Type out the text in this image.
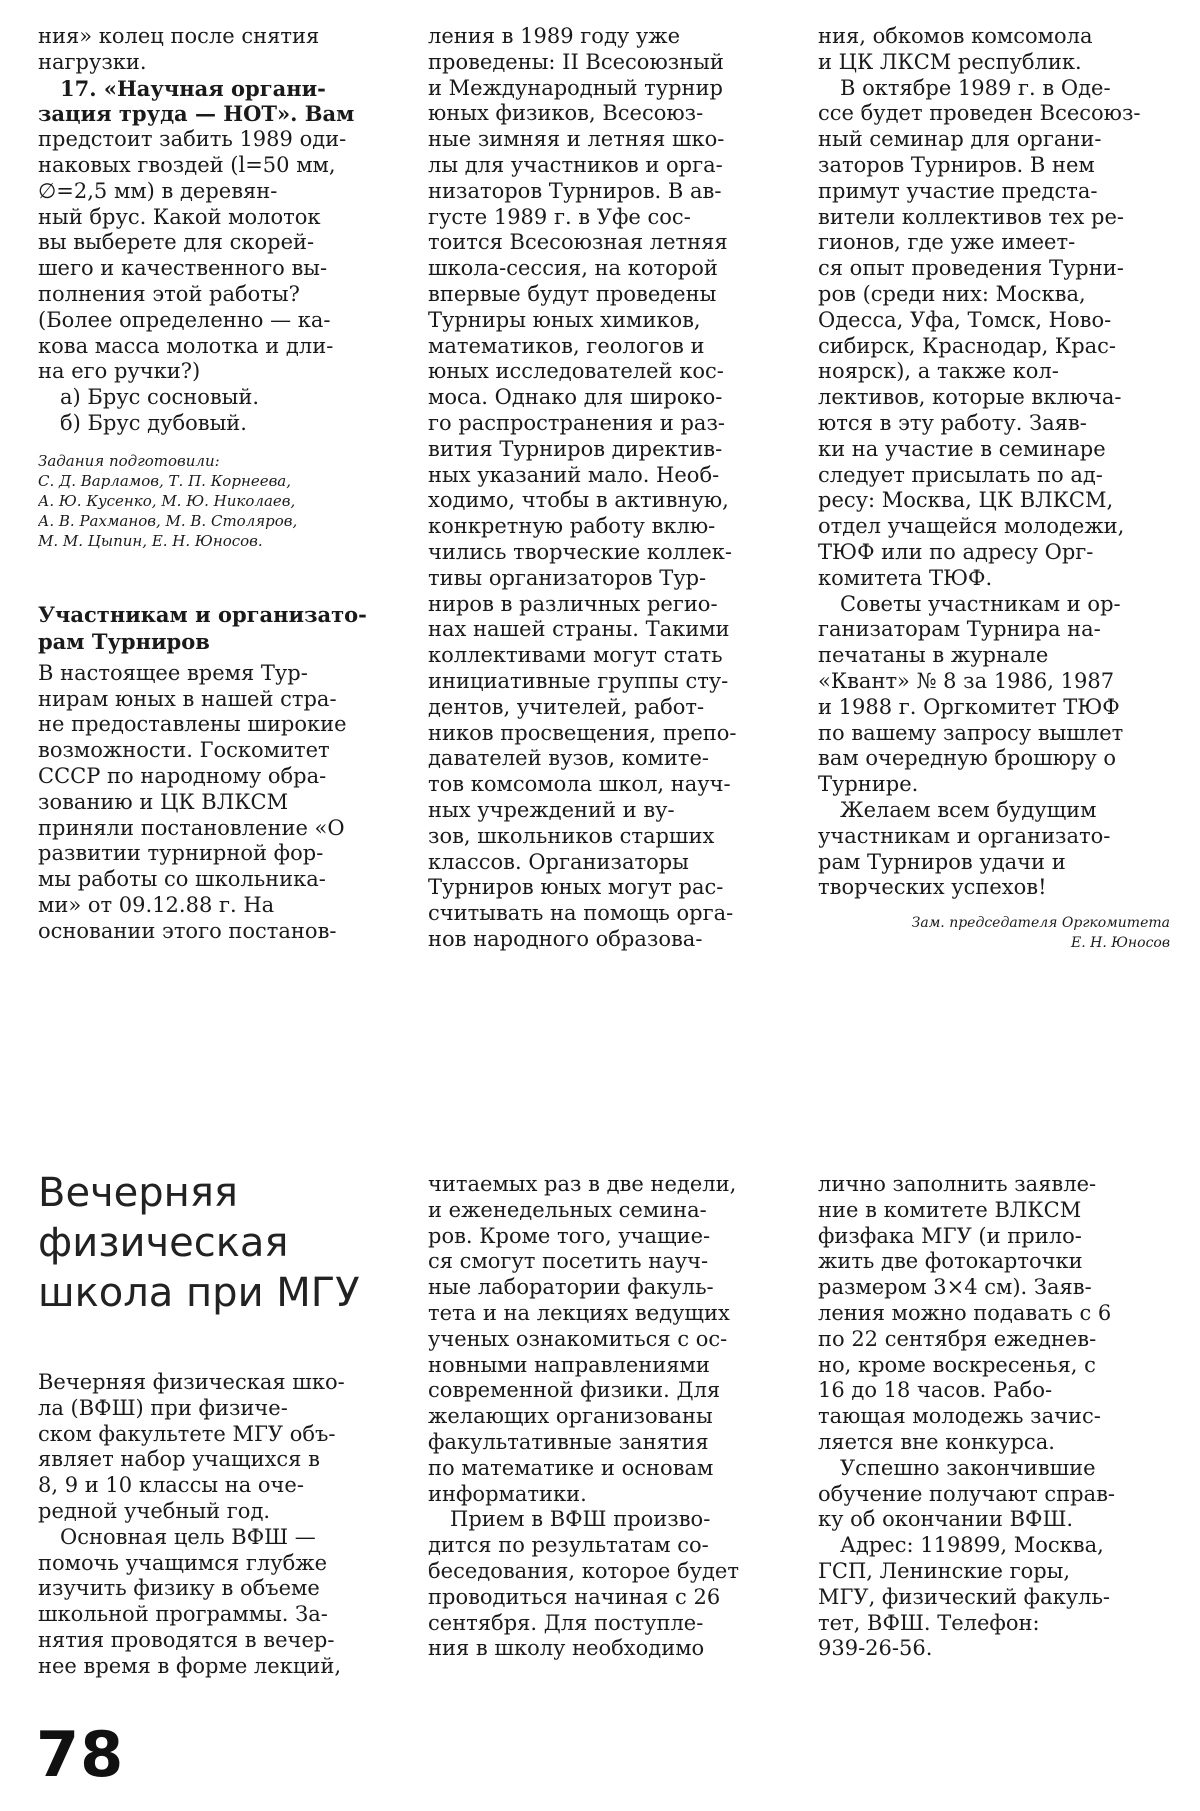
ния» колец после снятия
нагрузки.
17. «Научная органи-
зация труда — НОТ». Вам
предстоит забить 1989 оди-
наковых гвоздей (l=50 мм,
∅=2,5 мм) в деревян-
ный брус. Какой молоток
вы выберете для скорей-
шего и качественного вы-
полнения этой работы?
(Более определенно — ка-
кова масса молотка и дли-
на его ручки?)
а) Брус сосновый.
б) Брус дубовый.
Задания подготовили:
С. Д. Варламов, Т. П. Корнеева,
А. Ю. Кусенко, М. Ю. Николаев,
А. В. Рахманов, М. В. Столяров,
М. М. Цыпин, Е. Н. Юносов.
Участникам и организато-
рам Турниров
В настоящее время Тур-
нирам юных в нашей стра-
не предоставлены широкие
возможности. Госкомитет
СССР по народному обра-
зованию и ЦК ВЛКСМ
приняли постановление «О
развитии турнирной фор-
мы работы со школьника-
ми» от 09.12.88 г. На
основании этого постанов-
ления в 1989 году уже
проведены: II Всесоюзный
и Международный турнир
юных физиков, Всесоюз-
ные зимняя и летняя шко-
лы для участников и орга-
низаторов Турниров. В ав-
густе 1989 г. в Уфе сос-
тоится Всесоюзная летняя
школа-сессия, на которой
впервые будут проведены
Турниры юных химиков,
математиков, геологов и
юных исследователей кос-
моса. Однако для широко-
го распространения и раз-
вития Турниров директив-
ных указаний мало. Необ-
ходимо, чтобы в активную,
конкретную работу вклю-
чились творческие коллек-
тивы организаторов Тур-
ниров в различных регио-
нах нашей страны. Такими
коллективами могут стать
инициативные группы сту-
дентов, учителей, работ-
ников просвещения, препо-
давателей вузов, комите-
тов комсомола школ, науч-
ных учреждений и ву-
зов, школьников старших
классов. Организаторы
Турниров юных могут рас-
считывать на помощь орга-
нов народного образова-
ния, обкомов комсомола
и ЦК ЛКСМ республик.
В октябре 1989 г. в Оде-
ссе будет проведен Всесоюз-
ный семинар для органи-
заторов Турниров. В нем
примут участие предста-
вители коллективов тех ре-
гионов, где уже имеет-
ся опыт проведения Турни-
ров (среди них: Москва,
Одесса, Уфа, Томск, Ново-
сибирск, Краснодар, Крас-
ноярск), а также кол-
лективов, которые включа-
ются в эту работу. Заяв-
ки на участие в семинаре
следует присылать по ад-
ресу: Москва, ЦК ВЛКСМ,
отдел учащейся молодежи,
ТЮФ или по адресу Орг-
комитета ТЮФ.
Советы участникам и ор-
ганизаторам Турнира на-
печатаны в журнале
«Квант» № 8 за 1986, 1987
и 1988 г. Оргкомитет ТЮФ
по вашему запросу вышлет
вам очередную брошюру о
Турнире.
Желаем всем будущим
участникам и организато-
рам Турниров удачи и
творческих успехов!
Зам. председателя Оргкомитета
Е. Н. Юносов
Вечерняя
физическая
школа при МГУ
Вечерняя физическая шко-
ла (ВФШ) при физиче-
ском факультете МГУ объ-
являет набор учащихся в
8, 9 и 10 классы на оче-
редной учебный год.
Основная цель ВФШ —
помочь учащимся глубже
изучить физику в объеме
школьной программы. За-
нятия проводятся в вечер-
нее время в форме лекций,
читаемых раз в две недели,
и еженедельных семина-
ров. Кроме того, учащие-
ся смогут посетить науч-
ные лаборатории факуль-
тета и на лекциях ведущих
ученых ознакомиться с ос-
новными направлениями
современной физики. Для
желающих организованы
факультативные занятия
по математике и основам
информатики.
Прием в ВФШ произво-
дится по результатам со-
беседования, которое будет
проводиться начиная с 26
сентября. Для поступле-
ния в школу необходимо
лично заполнить заявле-
ние в комитете ВЛКСМ
физфака МГУ (и прило-
жить две фотокарточки
размером 3×4 см). Заяв-
ления можно подавать с 6
по 22 сентября ежеднев-
но, кроме воскресенья, с
16 до 18 часов. Рабо-
тающая молодежь зачис-
ляется вне конкурса.
Успешно закончившие
обучение получают справ-
ку об окончании ВФШ.
Адрес: 119899, Москва,
ГСП, Ленинские горы,
МГУ, физический факуль-
тет, ВФШ. Телефон:
939-26-56.
78
